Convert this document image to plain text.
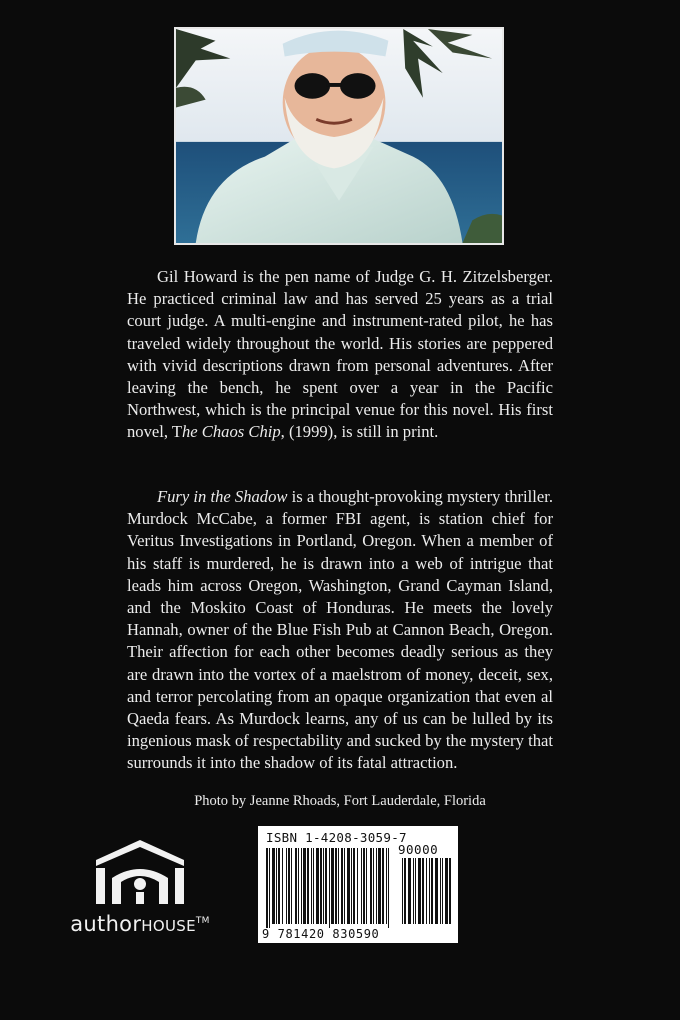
Gil Howard is the pen name of Judge G. H. Zitzelsberger. He practiced criminal law and has served 25 years as a trial court judge. A multi-engine and instrument-rated pilot, he has traveled widely throughout the world. His stories are peppered with vivid descriptions drawn from personal adventures. After leaving the bench, he spent over a year in the Pacific Northwest, which is the principal venue for this novel. His first novel, The Chaos Chip, (1999), is still in print.

Fury in the Shadow is a thought-provoking mystery thriller. Murdock McCabe, a former FBI agent, is station chief for Veritus Investigations in Portland, Oregon. When a member of his staff is murdered, he is drawn into a web of intrigue that leads him across Oregon, Washington, Grand Cayman Island, and the Moskito Coast of Honduras. He meets the lovely Hannah, owner of the Blue Fish Pub at Cannon Beach, Oregon. Their affection for each other becomes deadly serious as they are drawn into the vortex of a maelstrom of money, deceit, sex, and terror percolating from an opaque organization that even al Qaeda fears. As Murdock learns, any of us can be lulled by its ingenious mask of respectability and sucked by the mystery that surrounds it into the shadow of its fatal attraction.

Photo by Jeanne Rhoads, Fort Lauderdale, Florida
authorHOUSE™
ISBN 1-4208-3059-7
90000
9 781420 830590
